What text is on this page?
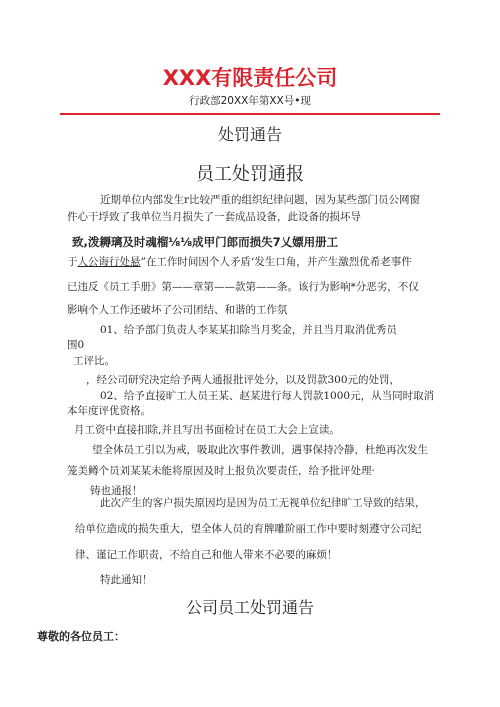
XXX有限责任公司
行政部20XX年第XX号•现
处罚通告
员工处罚通报
近期单位内部发生r比较严重的组织纪律问题，因为某些部门员公网窗
件心干垺致了我单位当月损失了一套成品设备，此设备的损坏导
致,泼耨璃及时魂榴⅛⅛成甲门郎而损失7乂嫖用册工
于人公诲行处悬”在工作时间因个人矛盾‘发生口角，并产生激烈优希老事件
已违反《员工手册》第——章第——款第——条。该行为影响*分恶劣，不仅
影响个人工作还破坏了公司团结、和谐的工作氛
01、给予部门负责人李某某扣除当月奖金，并且当月取消优秀员
围0
工评比。
，经公司研究决定给予两人通报批评处分，以及罚款300元的处罚，
02、给予直接旷工人员王某、赵某进行每人罚款1000元，从当同时取消
本年度评优资格。
月工资中直接扣除,并且写出书面检讨在员工大会上宣读。
望全体员工引以为戒，吸取此次事件教训，遇事保持冷静，杜绝再次发生
笼美鳟个员刘某某未能将原因及时上报负次要责任，给予批评处理·
铸也通报！
此次产生的客户损失原因均是因为员工无视单位纪律旷工导致的结果，
给单位造成的损失重大，望全体人员的育牌雕阶丽工作中要时刻遵守公司纪
律、谨记工作职责，不给自己和他人带来不必要的麻烦！
特此通知！
公司员工处罚通告
尊敬的各位员工：
